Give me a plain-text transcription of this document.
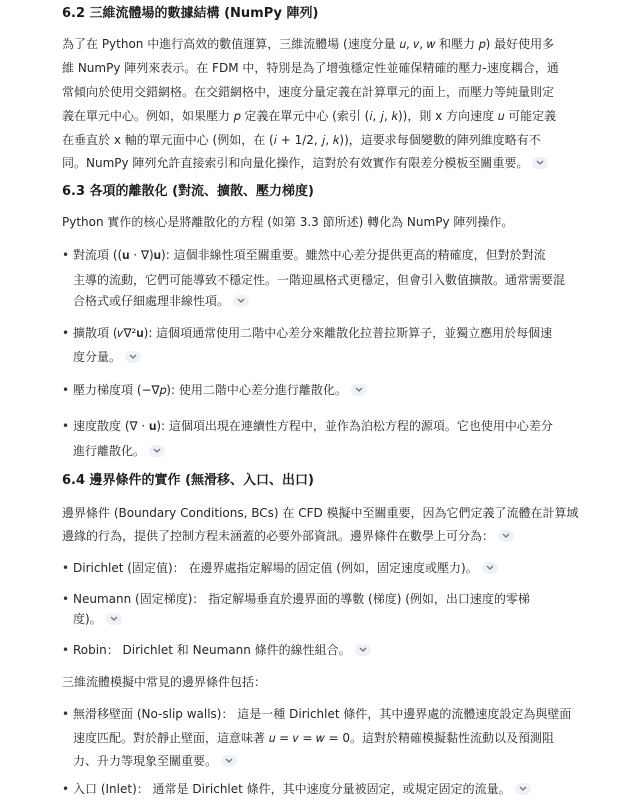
6.2 三維流體場的數據結構 (NumPy 陣列)
為了在 Python 中進行高效的數值運算，三維流體場 (速度分量 𝑢, 𝑣, 𝑤 和壓力 𝑝) 最好使用多
維 NumPy 陣列來表示。在 FDM 中，特別是為了增強穩定性並確保精確的壓力-速度耦合，通
常傾向於使用交錯網格。在交錯網格中，速度分量定義在計算單元的面上，而壓力等純量則定
義在單元中心。例如，如果壓力 𝑝 定義在單元中心 (索引 (𝑖, 𝑗, 𝑘))，則 x 方向速度 𝑢 可能定義
在垂直於 x 軸的單元面中心 (例如，在 (𝑖 + 1/2, 𝑗, 𝑘))，這要求每個變數的陣列維度略有不
同。NumPy 陣列允許直接索引和向量化操作，這對於有效實作有限差分模板至關重要。
6.3 各項的離散化 (對流、擴散、壓力梯度)
Python 實作的核心是將離散化的方程 (如第 3.3 節所述) 轉化為 NumPy 陣列操作。
• 對流項 ((𝐮 · ∇)𝐮): 這個非線性項至關重要。雖然中心差分提供更高的精確度，但對於對流
主導的流動，它們可能導致不穩定性。一階迎風格式更穩定，但會引入數值擴散。通常需要混
合格式或仔細處理非線性項。
• 擴散項 (𝜈∇²𝐮): 這個項通常使用二階中心差分來離散化拉普拉斯算子，並獨立應用於每個速
度分量。
• 壓力梯度項 (−∇𝑝): 使用二階中心差分進行離散化。
• 速度散度 (∇ · 𝐮): 這個項出現在連續性方程中，並作為泊松方程的源項。它也使用中心差分
進行離散化。
6.4 邊界條件的實作 (無滑移、入口、出口)
邊界條件 (Boundary Conditions, BCs) 在 CFD 模擬中至關重要，因為它們定義了流體在計算域
邊緣的行為，提供了控制方程未涵蓋的必要外部資訊。邊界條件在數學上可分為：
• Dirichlet (固定值)： 在邊界處指定解場的固定值 (例如，固定速度或壓力)。
• Neumann (固定梯度)： 指定解場垂直於邊界面的導數 (梯度) (例如，出口速度的零梯
度)。
• Robin： Dirichlet 和 Neumann 條件的線性組合。
三維流體模擬中常見的邊界條件包括：
• 無滑移壁面 (No-slip walls)： 這是一種 Dirichlet 條件，其中邊界處的流體速度設定為與壁面
速度匹配。對於靜止壁面，這意味著 𝑢 = 𝑣 = 𝑤 = 0。這對於精確模擬黏性流動以及預測阻
力、升力等現象至關重要。
• 入口 (Inlet)： 通常是 Dirichlet 條件，其中速度分量被固定，或規定固定的流量。
